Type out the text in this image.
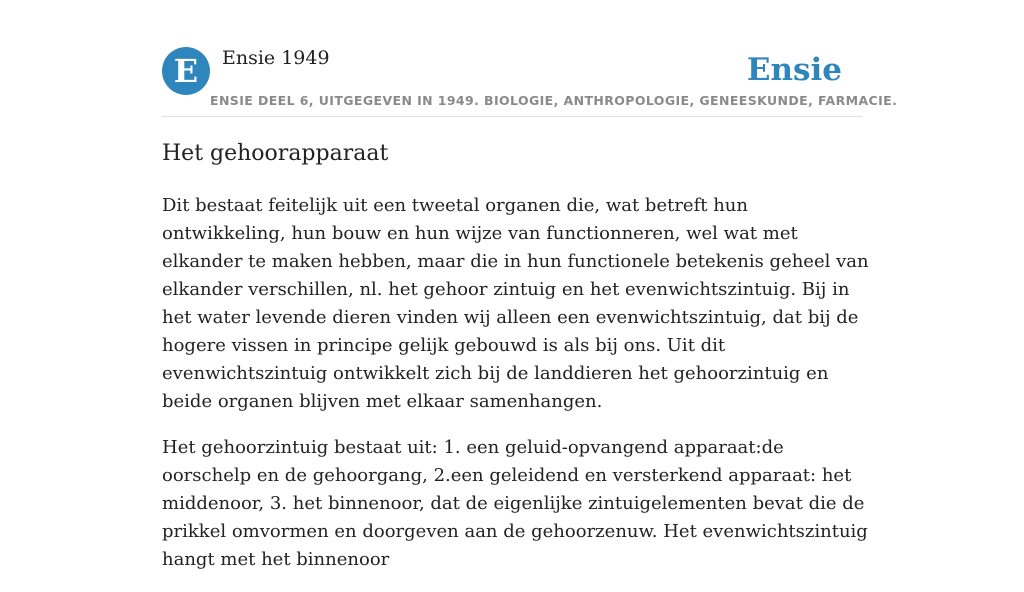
E	Ensie 1949	Ensie
ENSIE DEEL 6, UITGEGEVEN IN 1949. BIOLOGIE, ANTHROPOLOGIE, GENEESKUNDE, FARMACIE.
Het gehoorapparaat

Dit bestaat feitelijk uit een tweetal organen die, wat betreft hun ontwikkeling, hun bouw en hun wijze van functionneren, wel wat met elkander te maken hebben, maar die in hun functionele betekenis geheel van elkander verschillen, nl. het gehoor zintuig en het evenwichtszintuig. Bij in het water levende dieren vinden wij alleen een evenwichtszintuig, dat bij de hogere vissen in principe gelijk gebouwd is als bij ons. Uit dit evenwichtszintuig ontwikkelt zich bij de landdieren het gehoorzintuig en beide organen blijven met elkaar samenhangen.

Het gehoorzintuig bestaat uit: 1. een geluid-opvangend apparaat:de oorschelp en de gehoorgang, 2.een geleidend en versterkend apparaat: het middenoor, 3. het binnenoor, dat de eigenlijke zintuigelementen bevat die de prikkel omvormen en doorgeven aan de gehoorzenuw. Het evenwichtszintuig hangt met het binnenoor
